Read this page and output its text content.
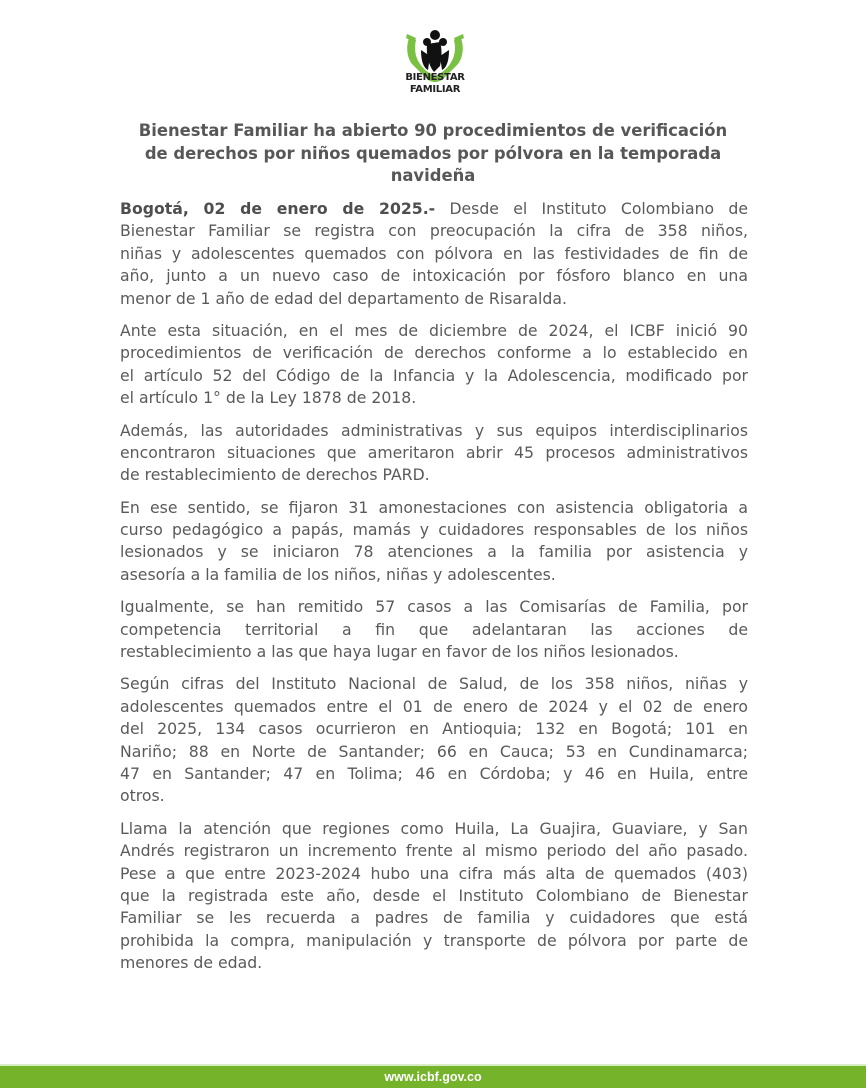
BIENESTAR
FAMILIAR
Bienestar Familiar ha abierto 90 procedimientos de verificación
de derechos por niños quemados por pólvora en la temporada
navideña
Bogotá, 02 de enero de 2025.- Desde el Instituto Colombiano de
Bienestar Familiar se registra con preocupación la cifra de 358 niños,
niñas y adolescentes quemados con pólvora en las festividades de fin de
año, junto a un nuevo caso de intoxicación por fósforo blanco en una
menor de 1 año de edad del departamento de Risaralda.
Ante esta situación, en el mes de diciembre de 2024, el ICBF inició 90
procedimientos de verificación de derechos conforme a lo establecido en
el artículo 52 del Código de la Infancia y la Adolescencia, modificado por
el artículo 1° de la Ley 1878 de 2018.
Además, las autoridades administrativas y sus equipos interdisciplinarios
encontraron situaciones que ameritaron abrir 45 procesos administrativos
de restablecimiento de derechos PARD.
En ese sentido, se fijaron 31 amonestaciones con asistencia obligatoria a
curso pedagógico a papás, mamás y cuidadores responsables de los niños
lesionados y se iniciaron 78 atenciones a la familia por asistencia y
asesoría a la familia de los niños, niñas y adolescentes.
Igualmente, se han remitido 57 casos a las Comisarías de Familia, por
competencia territorial a fin que adelantaran las acciones de
restablecimiento a las que haya lugar en favor de los niños lesionados.
Según cifras del Instituto Nacional de Salud, de los 358 niños, niñas y
adolescentes quemados entre el 01 de enero de 2024 y el 02 de enero
del 2025, 134 casos ocurrieron en Antioquia; 132 en Bogotá; 101 en
Nariño; 88 en Norte de Santander; 66 en Cauca; 53 en Cundinamarca;
47 en Santander; 47 en Tolima; 46 en Córdoba; y 46 en Huila, entre
otros.
Llama la atención que regiones como Huila, La Guajira, Guaviare, y San
Andrés registraron un incremento frente al mismo periodo del año pasado.
Pese a que entre 2023-2024 hubo una cifra más alta de quemados (403)
que la registrada este año, desde el Instituto Colombiano de Bienestar
Familiar se les recuerda a padres de familia y cuidadores que está
prohibida la compra, manipulación y transporte de pólvora por parte de
menores de edad.
www.icbf.gov.co
